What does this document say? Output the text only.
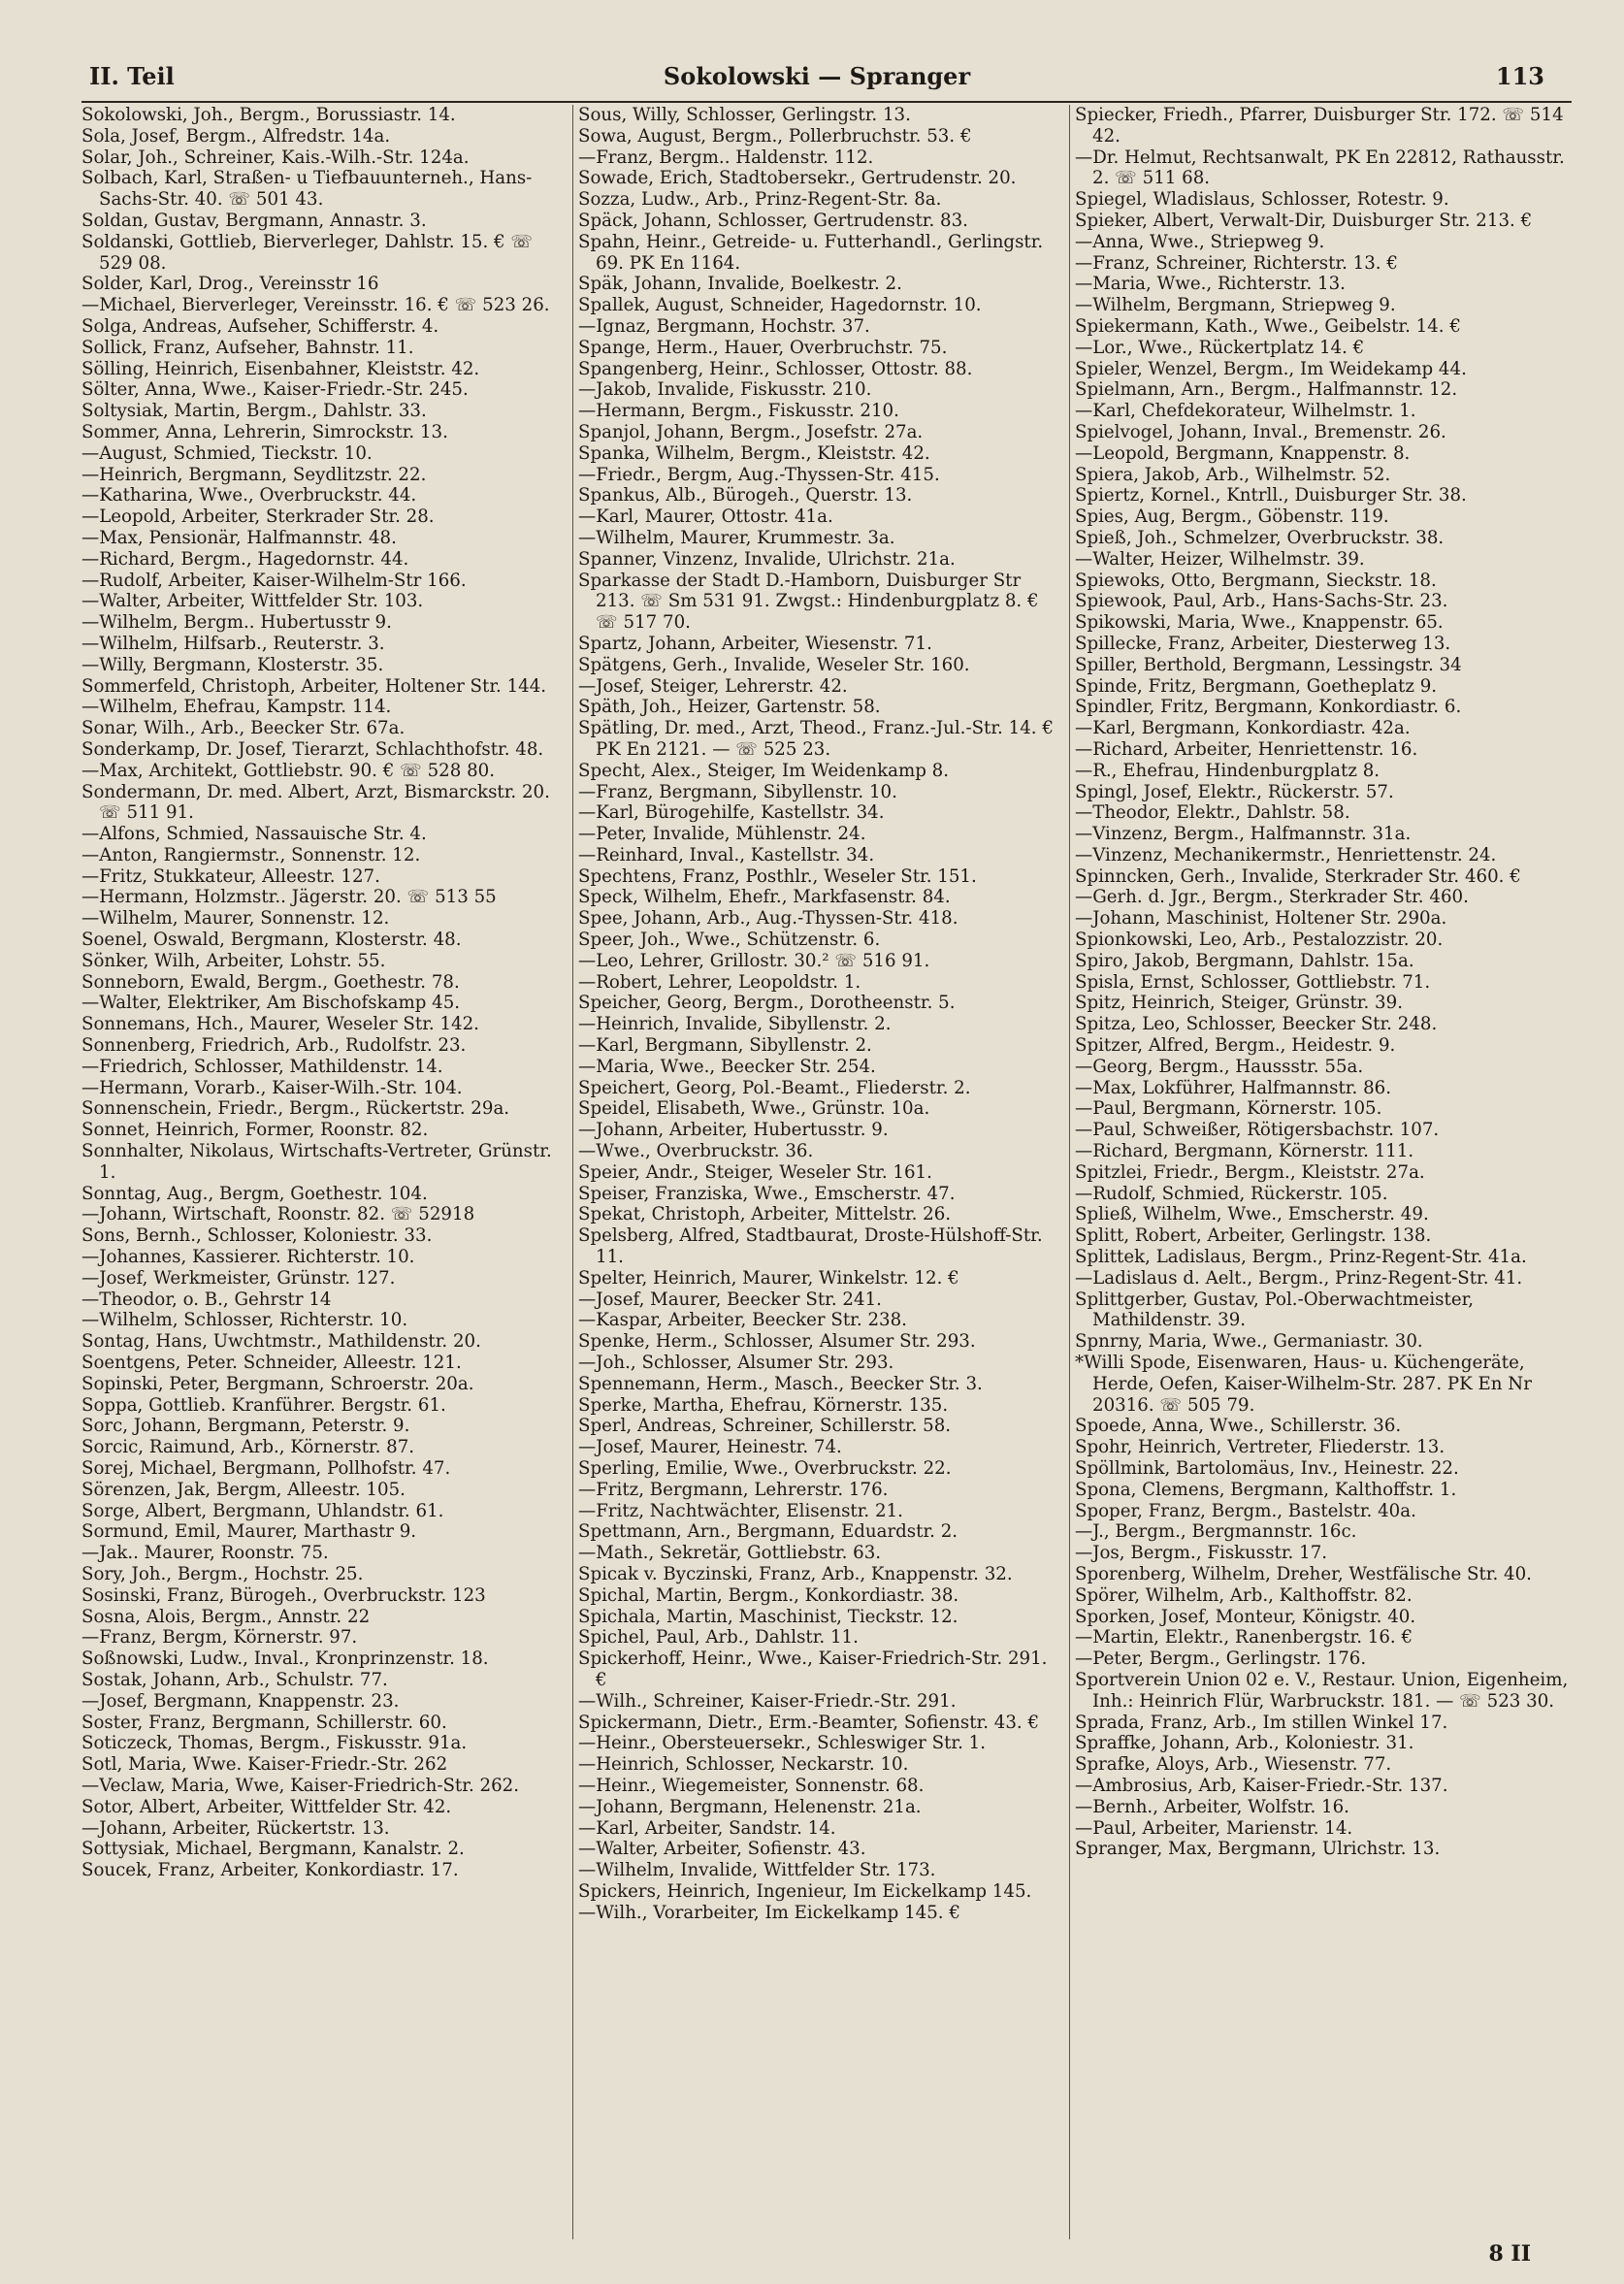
II. Teil	Sokolowski — Spranger	113
Sokolowski, Joh., Bergm., Borussiastr. 14.
Sola, Josef, Bergm., Alfredstr. 14a.
Solar, Joh., Schreiner, Kais.-Wilh.-Str. 124a.
Solbach, Karl, Straßen- u Tiefbauunterneh., Hans-Sachs-Str. 40. ☏ 501 43.
Soldan, Gustav, Bergmann, Annastr. 3.
Soldanski, Gottlieb, Bierverleger, Dahlstr. 15. € ☏ 529 08.
Solder, Karl, Drog., Vereinsstr 16
—Michael, Bierverleger, Vereinsstr. 16. € ☏ 523 26.
Solga, Andreas, Aufseher, Schifferstr. 4.
Sollick, Franz, Aufseher, Bahnstr. 11.
Sölling, Heinrich, Eisenbahner, Kleiststr. 42.
Sölter, Anna, Wwe., Kaiser-Friedr.-Str. 245.
Soltysiak, Martin, Bergm., Dahlstr. 33.
Sommer, Anna, Lehrerin, Simrockstr. 13.
—August, Schmied, Tieckstr. 10.
—Heinrich, Bergmann, Seydlitzstr. 22.
—Katharina, Wwe., Overbruckstr. 44.
—Leopold, Arbeiter, Sterkrader Str. 28.
—Max, Pensionär, Halfmannstr. 48.
—Richard, Bergm., Hagedornstr. 44.
—Rudolf, Arbeiter, Kaiser-Wilhelm-Str 166.
—Walter, Arbeiter, Wittfelder Str. 103.
—Wilhelm, Bergm.. Hubertusstr 9.
—Wilhelm, Hilfsarb., Reuterstr. 3.
—Willy, Bergmann, Klosterstr. 35.
Sommerfeld, Christoph, Arbeiter, Holtener Str. 144.
—Wilhelm, Ehefrau, Kampstr. 114.
Sonar, Wilh., Arb., Beecker Str. 67a.
Sonderkamp, Dr. Josef, Tierarzt, Schlachthofstr. 48.
—Max, Architekt, Gottliebstr. 90. € ☏ 528 80.
Sondermann, Dr. med. Albert, Arzt, Bismarckstr. 20. ☏ 511 91.
—Alfons, Schmied, Nassauische Str. 4.
—Anton, Rangiermstr., Sonnenstr. 12.
—Fritz, Stukkateur, Alleestr. 127.
—Hermann, Holzmstr.. Jägerstr. 20. ☏ 513 55
—Wilhelm, Maurer, Sonnenstr. 12.
Soenel, Oswald, Bergmann, Klosterstr. 48.
Sönker, Wilh, Arbeiter, Lohstr. 55.
Sonneborn, Ewald, Bergm., Goethestr. 78.
—Walter, Elektriker, Am Bischofskamp 45.
Sonnemans, Hch., Maurer, Weseler Str. 142.
Sonnenberg, Friedrich, Arb., Rudolfstr. 23.
—Friedrich, Schlosser, Mathildenstr. 14.
—Hermann, Vorarb., Kaiser-Wilh.-Str. 104.
Sonnenschein, Friedr., Bergm., Rückertstr. 29a.
Sonnet, Heinrich, Former, Roonstr. 82.
Sonnhalter, Nikolaus, Wirtschafts-Vertreter, Grünstr. 1.
Sonntag, Aug., Bergm, Goethestr. 104.
—Johann, Wirtschaft, Roonstr. 82. ☏ 52918
Sons, Bernh., Schlosser, Koloniestr. 33.
—Johannes, Kassierer. Richterstr. 10.
—Josef, Werkmeister, Grünstr. 127.
—Theodor, o. B., Gehrstr 14
—Wilhelm, Schlosser, Richterstr. 10.
Sontag, Hans, Uwchtmstr., Mathildenstr. 20.
Soentgens, Peter. Schneider, Alleestr. 121.
Sopinski, Peter, Bergmann, Schroerstr. 20a.
Soppa, Gottlieb. Kranführer. Bergstr. 61.
Sorc, Johann, Bergmann, Peterstr. 9.
Sorcic, Raimund, Arb., Körnerstr. 87.
Sorej, Michael, Bergmann, Pollhofstr. 47.
Sörenzen, Jak, Bergm, Alleestr. 105.
Sorge, Albert, Bergmann, Uhlandstr. 61.
Sormund, Emil, Maurer, Marthastr 9.
—Jak.. Maurer, Roonstr. 75.
Sory, Joh., Bergm., Hochstr. 25.
Sosinski, Franz, Bürogeh., Overbruckstr. 123
Sosna, Alois, Bergm., Annstr. 22
—Franz, Bergm, Körnerstr. 97.
Soßnowski, Ludw., Inval., Kronprinzenstr. 18.
Sostak, Johann, Arb., Schulstr. 77.
—Josef, Bergmann, Knappenstr. 23.
Soster, Franz, Bergmann, Schillerstr. 60.
Soticzeck, Thomas, Bergm., Fiskusstr. 91a.
Sotl, Maria, Wwe. Kaiser-Friedr.-Str. 262
—Veclaw, Maria, Wwe, Kaiser-Friedrich-Str. 262.
Sotor, Albert, Arbeiter, Wittfelder Str. 42.
—Johann, Arbeiter, Rückertstr. 13.
Sottysiak, Michael, Bergmann, Kanalstr. 2.
Soucek, Franz, Arbeiter, Konkordiastr. 17.
Sous, Willy, Schlosser, Gerlingstr. 13.
Sowa, August, Bergm., Pollerbruchstr. 53. €
—Franz, Bergm.. Haldenstr. 112.
Sowade, Erich, Stadtobersekr., Gertrudenstr. 20.
Sozza, Ludw., Arb., Prinz-Regent-Str. 8a.
Späck, Johann, Schlosser, Gertrudenstr. 83.
Spahn, Heinr., Getreide- u. Futterhandl., Gerlingstr. 69. PK En 1164.
Späk, Johann, Invalide, Boelkestr. 2.
Spallek, August, Schneider, Hagedornstr. 10.
—Ignaz, Bergmann, Hochstr. 37.
Spange, Herm., Hauer, Overbruchstr. 75.
Spangenberg, Heinr., Schlosser, Ottostr. 88.
—Jakob, Invalide, Fiskusstr. 210.
—Hermann, Bergm., Fiskusstr. 210.
Spanjol, Johann, Bergm., Josefstr. 27a.
Spanka, Wilhelm, Bergm., Kleiststr. 42.
—Friedr., Bergm, Aug.-Thyssen-Str. 415.
Spankus, Alb., Bürogeh., Querstr. 13.
—Karl, Maurer, Ottostr. 41a.
—Wilhelm, Maurer, Krummestr. 3a.
Spanner, Vinzenz, Invalide, Ulrichstr. 21a.
Sparkasse der Stadt D.-Hamborn, Duisburger Str 213. ☏ Sm 531 91. Zwgst.: Hindenburgplatz 8. € ☏ 517 70.
Spartz, Johann, Arbeiter, Wiesenstr. 71.
Spätgens, Gerh., Invalide, Weseler Str. 160.
—Josef, Steiger, Lehrerstr. 42.
Späth, Joh., Heizer, Gartenstr. 58.
Spätling, Dr. med., Arzt, Theod., Franz.-Jul.-Str. 14. € PK En 2121. — ☏ 525 23.
Specht, Alex., Steiger, Im Weidenkamp 8.
—Franz, Bergmann, Sibyllenstr. 10.
—Karl, Bürogehilfe, Kastellstr. 34.
—Peter, Invalide, Mühlenstr. 24.
—Reinhard, Inval., Kastellstr. 34.
Spechtens, Franz, Posthlr., Weseler Str. 151.
Speck, Wilhelm, Ehefr., Markfasenstr. 84.
Spee, Johann, Arb., Aug.-Thyssen-Str. 418.
Speer, Joh., Wwe., Schützenstr. 6.
—Leo, Lehrer, Grillostr. 30.² ☏ 516 91.
—Robert, Lehrer, Leopoldstr. 1.
Speicher, Georg, Bergm., Dorotheenstr. 5.
—Heinrich, Invalide, Sibyllenstr. 2.
—Karl, Bergmann, Sibyllenstr. 2.
—Maria, Wwe., Beecker Str. 254.
Speichert, Georg, Pol.-Beamt., Fliederstr. 2.
Speidel, Elisabeth, Wwe., Grünstr. 10a.
—Johann, Arbeiter, Hubertusstr. 9.
—Wwe., Overbruckstr. 36.
Speier, Andr., Steiger, Weseler Str. 161.
Speiser, Franziska, Wwe., Emscherstr. 47.
Spekat, Christoph, Arbeiter, Mittelstr. 26.
Spelsberg, Alfred, Stadtbaurat, Droste-Hülshoff-Str. 11.
Spelter, Heinrich, Maurer, Winkelstr. 12. €
—Josef, Maurer, Beecker Str. 241.
—Kaspar, Arbeiter, Beecker Str. 238.
Spenke, Herm., Schlosser, Alsumer Str. 293.
—Joh., Schlosser, Alsumer Str. 293.
Spennemann, Herm., Masch., Beecker Str. 3.
Sperke, Martha, Ehefrau, Körnerstr. 135.
Sperl, Andreas, Schreiner, Schillerstr. 58.
—Josef, Maurer, Heinestr. 74.
Sperling, Emilie, Wwe., Overbruckstr. 22.
—Fritz, Bergmann, Lehrerstr. 176.
—Fritz, Nachtwächter, Elisenstr. 21.
Spettmann, Arn., Bergmann, Eduardstr. 2.
—Math., Sekretär, Gottliebstr. 63.
Spicak v. Byczinski, Franz, Arb., Knappenstr. 32.
Spichal, Martin, Bergm., Konkordiastr. 38.
Spichala, Martin, Maschinist, Tieckstr. 12.
Spichel, Paul, Arb., Dahlstr. 11.
Spickerhoff, Heinr., Wwe., Kaiser-Friedrich-Str. 291. €
—Wilh., Schreiner, Kaiser-Friedr.-Str. 291.
Spickermann, Dietr., Erm.-Beamter, Sofienstr. 43. €
—Heinr., Obersteuersekr., Schleswiger Str. 1.
—Heinrich, Schlosser, Neckarstr. 10.
—Heinr., Wiegemeister, Sonnenstr. 68.
—Johann, Bergmann, Helenenstr. 21a.
—Karl, Arbeiter, Sandstr. 14.
—Walter, Arbeiter, Sofienstr. 43.
—Wilhelm, Invalide, Wittfelder Str. 173.
Spickers, Heinrich, Ingenieur, Im Eickelkamp 145.
—Wilh., Vorarbeiter, Im Eickelkamp 145. €
Spiecker, Friedh., Pfarrer, Duisburger Str. 172. ☏ 514 42.
—Dr. Helmut, Rechtsanwalt, PK En 22812, Rathausstr. 2. ☏ 511 68.
Spiegel, Wladislaus, Schlosser, Rotestr. 9.
Spieker, Albert, Verwalt-Dir, Duisburger Str. 213. €
—Anna, Wwe., Striepweg 9.
—Franz, Schreiner, Richterstr. 13. €
—Maria, Wwe., Richterstr. 13.
—Wilhelm, Bergmann, Striepweg 9.
Spiekermann, Kath., Wwe., Geibelstr. 14. €
—Lor., Wwe., Rückertplatz 14. €
Spieler, Wenzel, Bergm., Im Weidekamp 44.
Spielmann, Arn., Bergm., Halfmannstr. 12.
—Karl, Chefdekorateur, Wilhelmstr. 1.
Spielvogel, Johann, Inval., Bremenstr. 26.
—Leopold, Bergmann, Knappenstr. 8.
Spiera, Jakob, Arb., Wilhelmstr. 52.
Spiertz, Kornel., Kntrll., Duisburger Str. 38.
Spies, Aug, Bergm., Göbenstr. 119.
Spieß, Joh., Schmelzer, Overbruckstr. 38.
—Walter, Heizer, Wilhelmstr. 39.
Spiewoks, Otto, Bergmann, Sieckstr. 18.
Spiewook, Paul, Arb., Hans-Sachs-Str. 23.
Spikowski, Maria, Wwe., Knappenstr. 65.
Spillecke, Franz, Arbeiter, Diesterweg 13.
Spiller, Berthold, Bergmann, Lessingstr. 34
Spinde, Fritz, Bergmann, Goetheplatz 9.
Spindler, Fritz, Bergmann, Konkordiastr. 6.
—Karl, Bergmann, Konkordiastr. 42a.
—Richard, Arbeiter, Henriettenstr. 16.
—R., Ehefrau, Hindenburgplatz 8.
Spingl, Josef, Elektr., Rückerstr. 57.
—Theodor, Elektr., Dahlstr. 58.
—Vinzenz, Bergm., Halfmannstr. 31a.
—Vinzenz, Mechanikermstr., Henriettenstr. 24.
Spinncken, Gerh., Invalide, Sterkrader Str. 460. €
—Gerh. d. Jgr., Bergm., Sterkrader Str. 460.
—Johann, Maschinist, Holtener Str. 290a.
Spionkowski, Leo, Arb., Pestalozzistr. 20.
Spiro, Jakob, Bergmann, Dahlstr. 15a.
Spisla, Ernst, Schlosser, Gottliebstr. 71.
Spitz, Heinrich, Steiger, Grünstr. 39.
Spitza, Leo, Schlosser, Beecker Str. 248.
Spitzer, Alfred, Bergm., Heidestr. 9.
—Georg, Bergm., Haussstr. 55a.
—Max, Lokführer, Halfmannstr. 86.
—Paul, Bergmann, Körnerstr. 105.
—Paul, Schweißer, Rötigersbachstr. 107.
—Richard, Bergmann, Körnerstr. 111.
Spitzlei, Friedr., Bergm., Kleiststr. 27a.
—Rudolf, Schmied, Rückerstr. 105.
Spließ, Wilhelm, Wwe., Emscherstr. 49.
Splitt, Robert, Arbeiter, Gerlingstr. 138.
Splittek, Ladislaus, Bergm., Prinz-Regent-Str. 41a.
—Ladislaus d. Aelt., Bergm., Prinz-Regent-Str. 41.
Splittgerber, Gustav, Pol.-Oberwachtmeister, Mathildenstr. 39.
Spnrny, Maria, Wwe., Germaniastr. 30.
*Willi Spode, Eisenwaren, Haus- u. Küchengeräte, Herde, Oefen, Kaiser-Wilhelm-Str. 287. PK En Nr 20316. ☏ 505 79.
Spoede, Anna, Wwe., Schillerstr. 36.
Spohr, Heinrich, Vertreter, Fliederstr. 13.
Spöllmink, Bartolomäus, Inv., Heinestr. 22.
Spona, Clemens, Bergmann, Kalthoffstr. 1.
Spoper, Franz, Bergm., Bastelstr. 40a.
—J., Bergm., Bergmannstr. 16c.
—Jos, Bergm., Fiskusstr. 17.
Sporenberg, Wilhelm, Dreher, Westfälische Str. 40.
Spörer, Wilhelm, Arb., Kalthoffstr. 82.
Sporken, Josef, Monteur, Königstr. 40.
—Martin, Elektr., Ranenbergstr. 16. €
—Peter, Bergm., Gerlingstr. 176.
Sportverein Union 02 e. V., Restaur. Union, Eigenheim, Inh.: Heinrich Flür, Warbruckstr. 181. — ☏ 523 30.
Sprada, Franz, Arb., Im stillen Winkel 17.
Spraffke, Johann, Arb., Koloniestr. 31.
Sprafke, Aloys, Arb., Wiesenstr. 77.
—Ambrosius, Arb, Kaiser-Friedr.-Str. 137.
—Bernh., Arbeiter, Wolfstr. 16.
—Paul, Arbeiter, Marienstr. 14.
Spranger, Max, Bergmann, Ulrichstr. 13.
8 II
